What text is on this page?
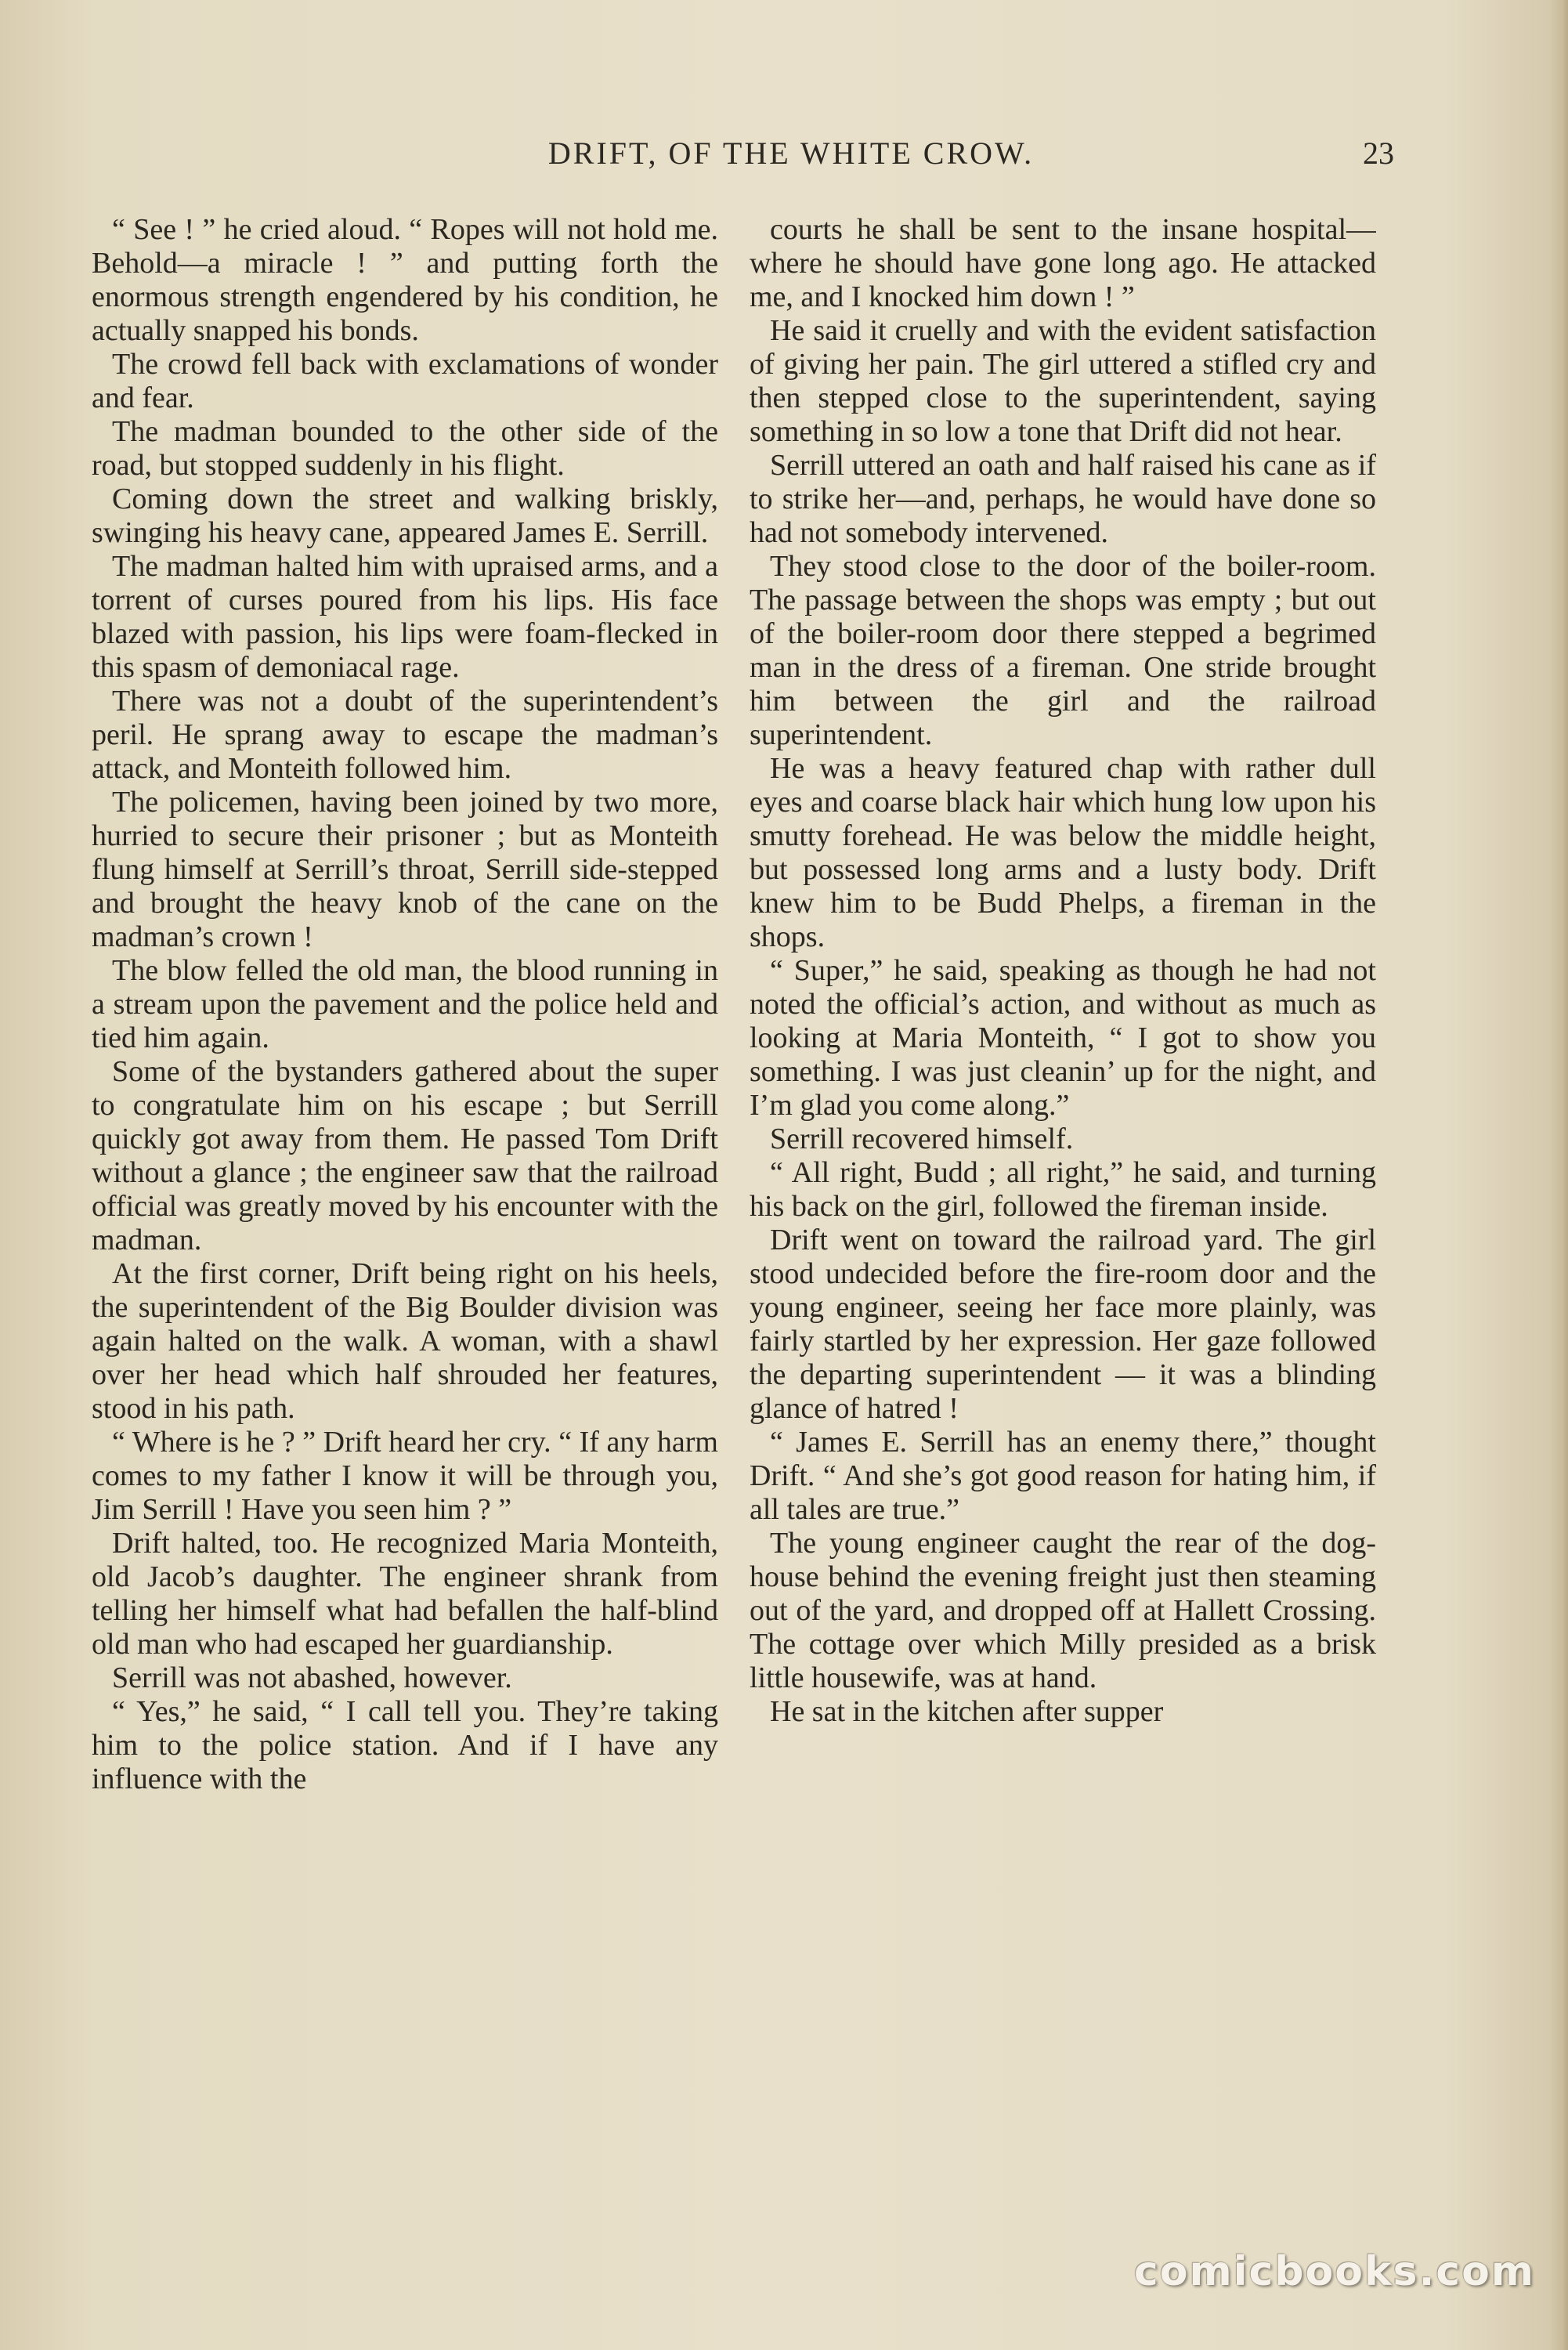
DRIFT, OF THE WHITE CROW.	23

“ See ! ” he cried aloud. “ Ropes will not hold me. Behold—a miracle ! ” and putting forth the enormous strength engendered by his condition, he actually snapped his bonds.

The crowd fell back with exclamations of wonder and fear.

The madman bounded to the other side of the road, but stopped suddenly in his flight.

Coming down the street and walking briskly, swinging his heavy cane, appeared James E. Serrill.

The madman halted him with upraised arms, and a torrent of curses poured from his lips. His face blazed with passion, his lips were foam-flecked in this spasm of demoniacal rage.

There was not a doubt of the superintendent’s peril. He sprang away to escape the madman’s attack, and Monteith followed him.

The policemen, having been joined by two more, hurried to secure their prisoner ; but as Monteith flung himself at Serrill’s throat, Serrill side-stepped and brought the heavy knob of the cane on the madman’s crown !

The blow felled the old man, the blood running in a stream upon the pavement and the police held and tied him again.

Some of the bystanders gathered about the super to congratulate him on his escape ; but Serrill quickly got away from them. He passed Tom Drift without a glance ; the engineer saw that the railroad official was greatly moved by his encounter with the madman.

At the first corner, Drift being right on his heels, the superintendent of the Big Boulder division was again halted on the walk. A woman, with a shawl over her head which half shrouded her features, stood in his path.

“ Where is he ? ” Drift heard her cry. “ If any harm comes to my father I know it will be through you, Jim Serrill ! Have you seen him ? ”

Drift halted, too. He recognized Maria Monteith, old Jacob’s daughter. The engineer shrank from telling her himself what had befallen the half-blind old man who had escaped her guardianship.

Serrill was not abashed, however.

“ Yes,” he said, “ I call tell you. They’re taking him to the police station. And if I have any influence with the

courts he shall be sent to the insane hospital—where he should have gone long ago. He attacked me, and I knocked him down ! ”

He said it cruelly and with the evident satisfaction of giving her pain. The girl uttered a stifled cry and then stepped close to the superintendent, saying something in so low a tone that Drift did not hear.

Serrill uttered an oath and half raised his cane as if to strike her—and, perhaps, he would have done so had not somebody intervened.

They stood close to the door of the boiler-room. The passage between the shops was empty ; but out of the boiler-room door there stepped a begrimed man in the dress of a fireman. One stride brought him between the girl and the railroad superintendent.

He was a heavy featured chap with rather dull eyes and coarse black hair which hung low upon his smutty forehead. He was below the middle height, but possessed long arms and a lusty body. Drift knew him to be Budd Phelps, a fireman in the shops.

“ Super,” he said, speaking as though he had not noted the official’s action, and without as much as looking at Maria Monteith, “ I got to show you something. I was just cleanin’ up for the night, and I’m glad you come along.”

Serrill recovered himself.

“ All right, Budd ; all right,” he said, and turning his back on the girl, followed the fireman inside.

Drift went on toward the railroad yard. The girl stood undecided before the fire-room door and the young engineer, seeing her face more plainly, was fairly startled by her expression. Her gaze followed the departing superintendent — it was a blinding glance of hatred !

“ James E. Serrill has an enemy there,” thought Drift. “ And she’s got good reason for hating him, if all tales are true.”

The young engineer caught the rear of the dog-house behind the evening freight just then steaming out of the yard, and dropped off at Hallett Crossing. The cottage over which Milly presided as a brisk little housewife, was at hand.

He sat in the kitchen after supper

comicbooks.com
